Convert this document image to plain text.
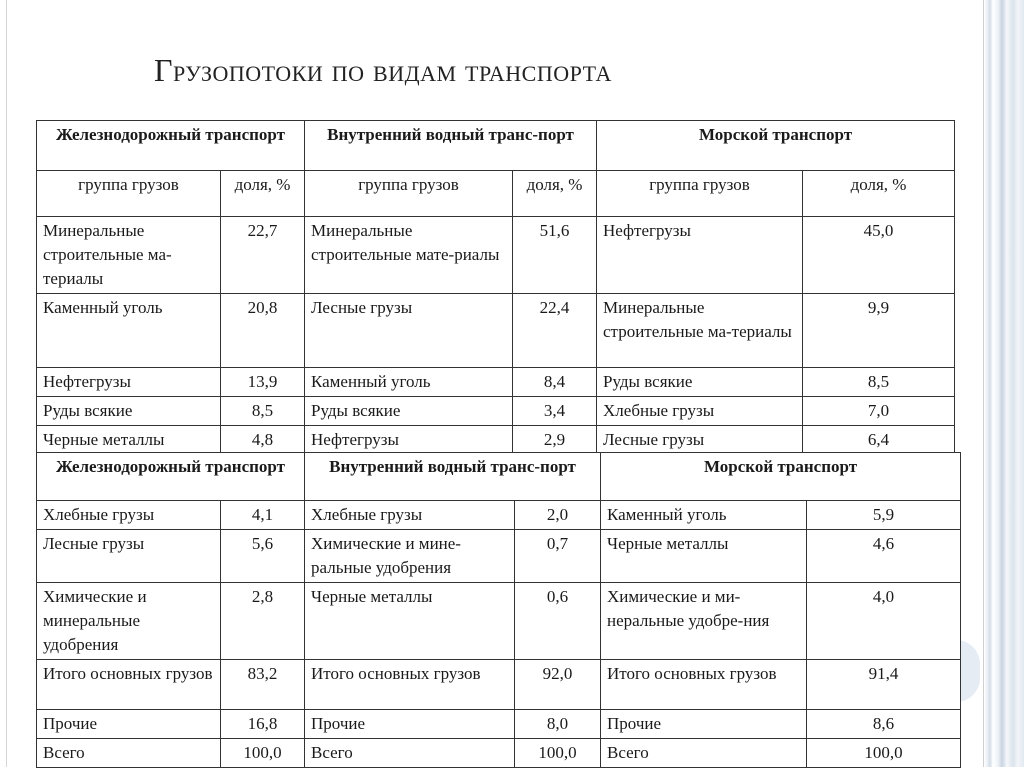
Грузопотоки по видам транспорта
Железнодорожный транспорт		Внутренний водный транс-порт		Морской транспорт	
группа грузов	доля, %	группа грузов	доля, %	группа грузов	доля, %
Минеральные строительные ма-териалы	22,7	Минеральные строительные мате-риалы	51,6	Нефтегрузы	45,0
Каменный уголь	20,8	Лесные грузы	22,4	Минеральные строительные ма-териалы	9,9
Нефтегрузы	13,9	Каменный уголь	8,4	Руды всякие	8,5
Руды всякие	8,5	Руды всякие	3,4	Хлебные грузы	7,0
Черные металлы	4,8	Нефтегрузы	2,9	Лесные грузы	6,4
Железнодорожный транспорт		Внутренний водный транс-порт		Морской транспорт	
Хлебные грузы	4,1	Хлебные грузы	2,0	Каменный уголь	5,9
Лесные грузы	5,6	Химические и мине-ральные удобрения	0,7	Черные металлы	4,6
Химические и минеральные удобрения	2,8	Черные металлы	0,6	Химические и ми-неральные удобре-ния	4,0
Итого основных грузов	83,2	Итого основных грузов	92,0	Итого основных грузов	91,4
Прочие	16,8	Прочие	8,0	Прочие	8,6
Всего	100,0	Всего	100,0	Всего	100,0
